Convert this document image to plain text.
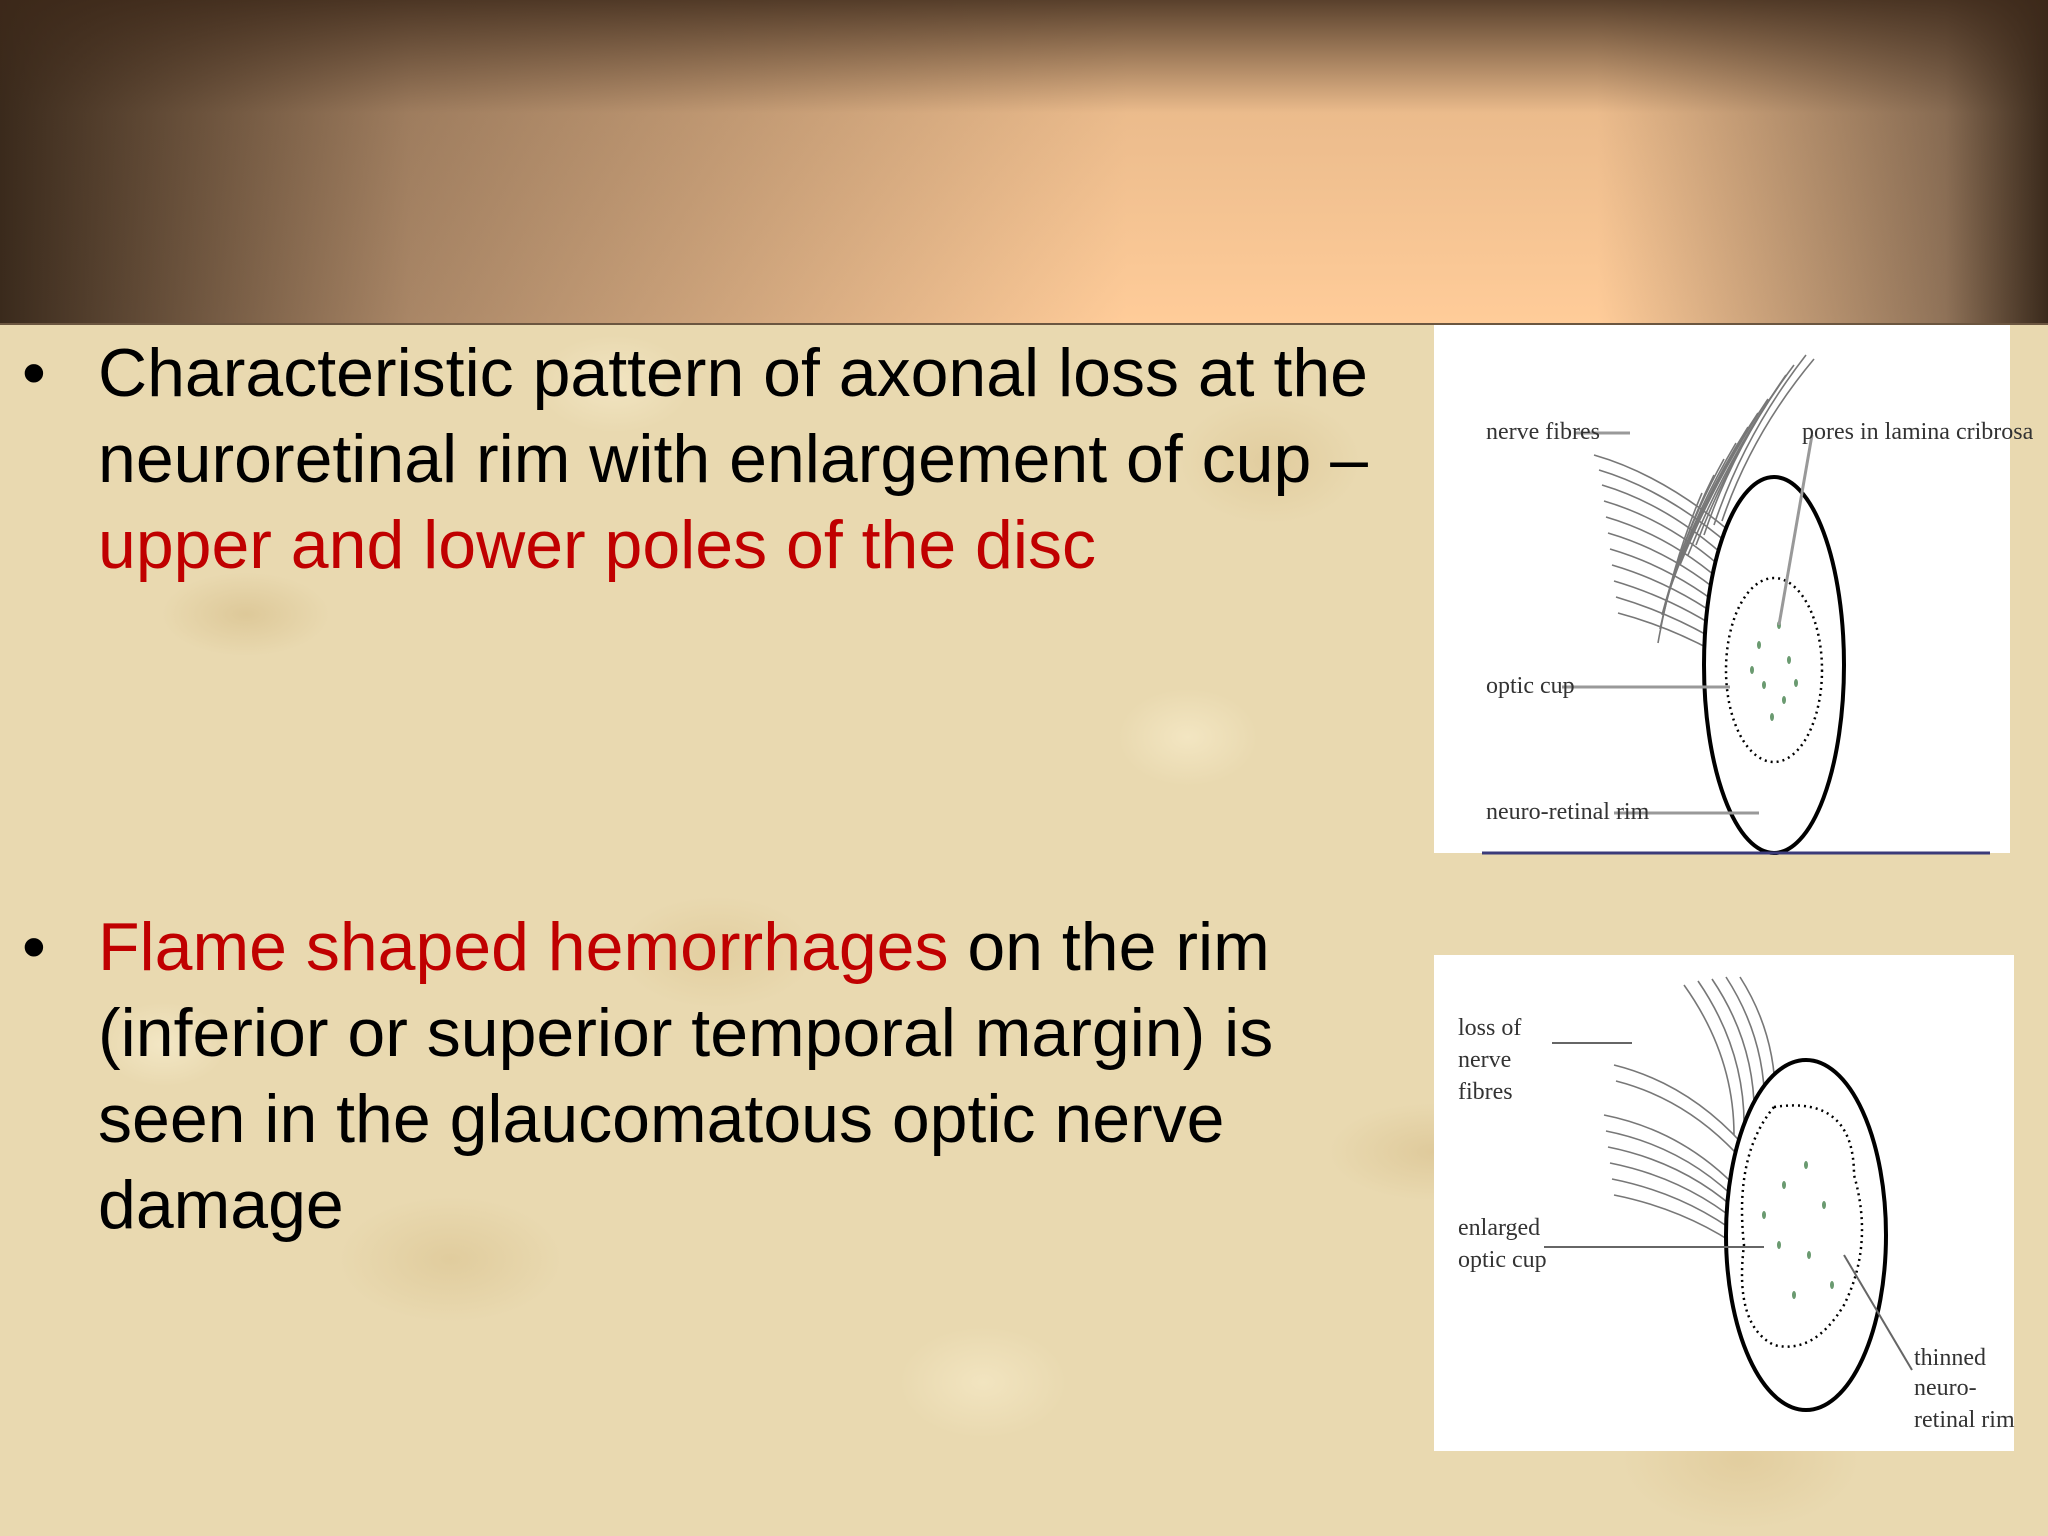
• Characteristic pattern of axonal loss at the neuroretinal rim with enlargement of cup –upper and lower poles of the disc
• Flame shaped hemorrhages on the rim (inferior or superior temporal margin) is seen in the glaucomatous optic nerve damage
nerve fibres	pores in lamina cribrosa
optic cup
neuro-retinal rim
loss of
nerve
fibres
enlarged
optic cup
thinned
neuro-
retinal rim
